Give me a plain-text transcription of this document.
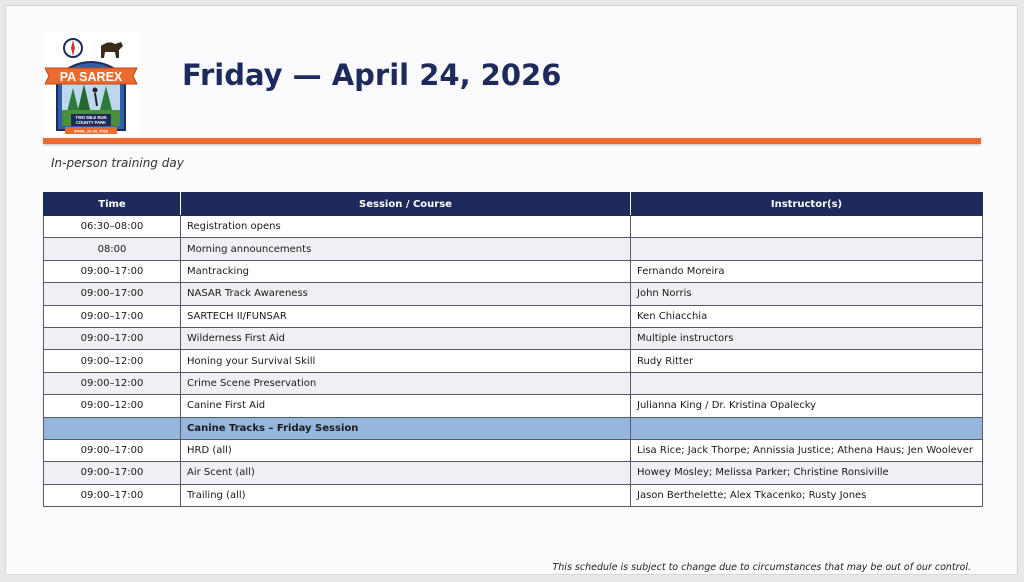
PA SAREX
TWO MILE RUN
COUNTY PARK
APRIL 23-25, 2026
Friday — April 24, 2026
In-person training day
Time	Session / Course	Instructor(s)
06:30–08:00	Registration opens	
08:00	Morning announcements	
09:00–17:00	Mantracking	Fernando Moreira
09:00–17:00	NASAR Track Awareness	John Norris
09:00–17:00	SARTECH II/FUNSAR	Ken Chiacchia
09:00–17:00	Wilderness First Aid	Multiple instructors
09:00–12:00	Honing your Survival Skill	Rudy Ritter
09:00–12:00	Crime Scene Preservation	
09:00–12:00	Canine First Aid	Julianna King / Dr. Kristina Opalecky
	Canine Tracks – Friday Session	
09:00–17:00	HRD (all)	Lisa Rice; Jack Thorpe; Annissia Justice; Athena Haus; Jen Woolever
09:00–17:00	Air Scent (all)	Howey Mosley; Melissa Parker; Christine Ronsiville
09:00–17:00	Trailing (all)	Jason Berthelette; Alex Tkacenko; Rusty Jones
This schedule is subject to change due to circumstances that may be out of our control.
